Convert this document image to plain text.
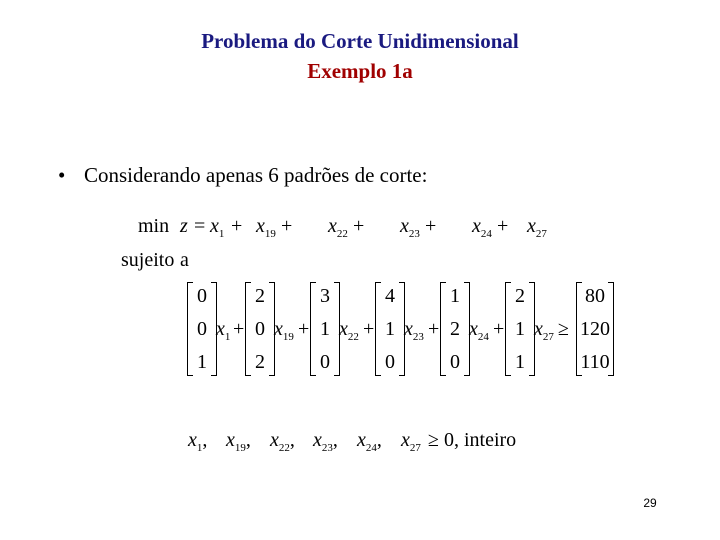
Problema do Corte Unidimensional
Exemplo 1a
• Considerando apenas 6 padrões de corte:
$\min z = x_1 + x_{19} + x_{22} + x_{23} + x_{24} + x_{27}$
sujeito a
0
0
1
$x_1$ +
2
0
2
$x_{19}$ +
3
1
0
$x_{22}$ +
4
1
0
$x_{23}$ +
1
2
0
$x_{24}$ +
2
1
1
$x_{27}$ ≥
80
120
110
$x_1$, $x_{19}$, $x_{22}$, $x_{23}$, $x_{24}$, $x_{27} \ge 0$, inteiro
29
